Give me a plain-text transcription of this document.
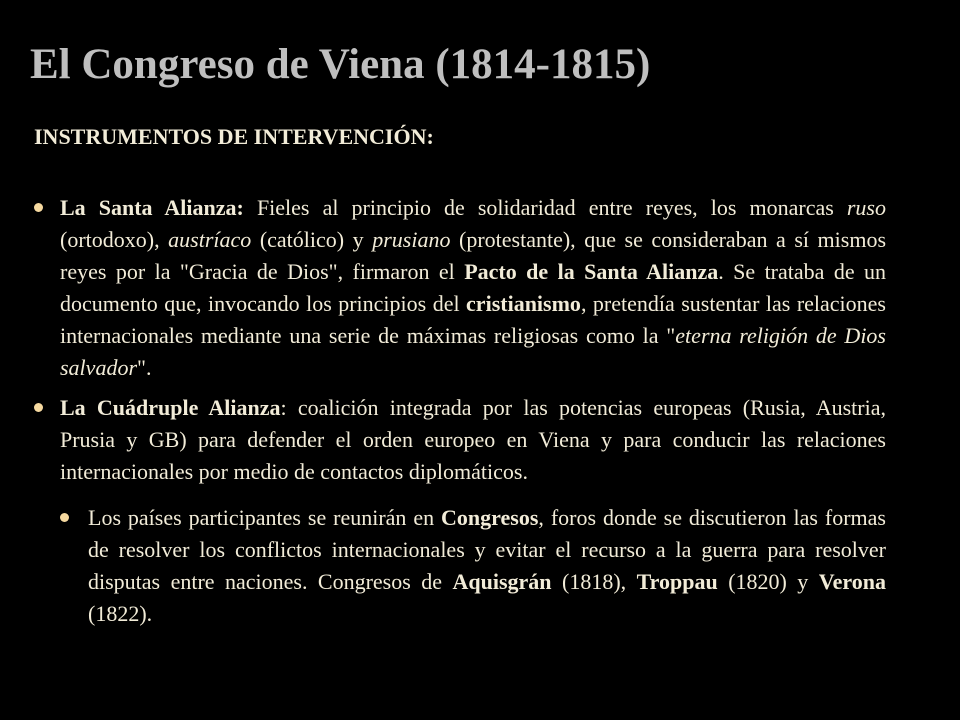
El Congreso de Viena (1814-1815)
INSTRUMENTOS DE INTERVENCIÓN:
La Santa Alianza: Fieles al principio de solidaridad entre reyes, los monarcas ruso (ortodoxo), austríaco (católico) y prusiano (protestante), que se consideraban a sí mismos reyes por la "Gracia de Dios", firmaron el Pacto de la Santa Alianza. Se trataba de un documento que, invocando los principios del cristianismo, pretendía sustentar las relaciones internacionales mediante una serie de máximas religiosas como la "eterna religión de Dios salvador".
La Cuádruple Alianza: coalición integrada por las potencias europeas (Rusia, Austria, Prusia y GB) para defender el orden europeo en Viena y para conducir las relaciones internacionales por medio de contactos diplomáticos.
Los países participantes se reunirán en Congresos, foros donde se discutieron las formas de resolver los conflictos internacionales y evitar el recurso a la guerra para resolver disputas entre naciones. Congresos de Aquisgrán (1818), Troppau (1820) y Verona (1822).
